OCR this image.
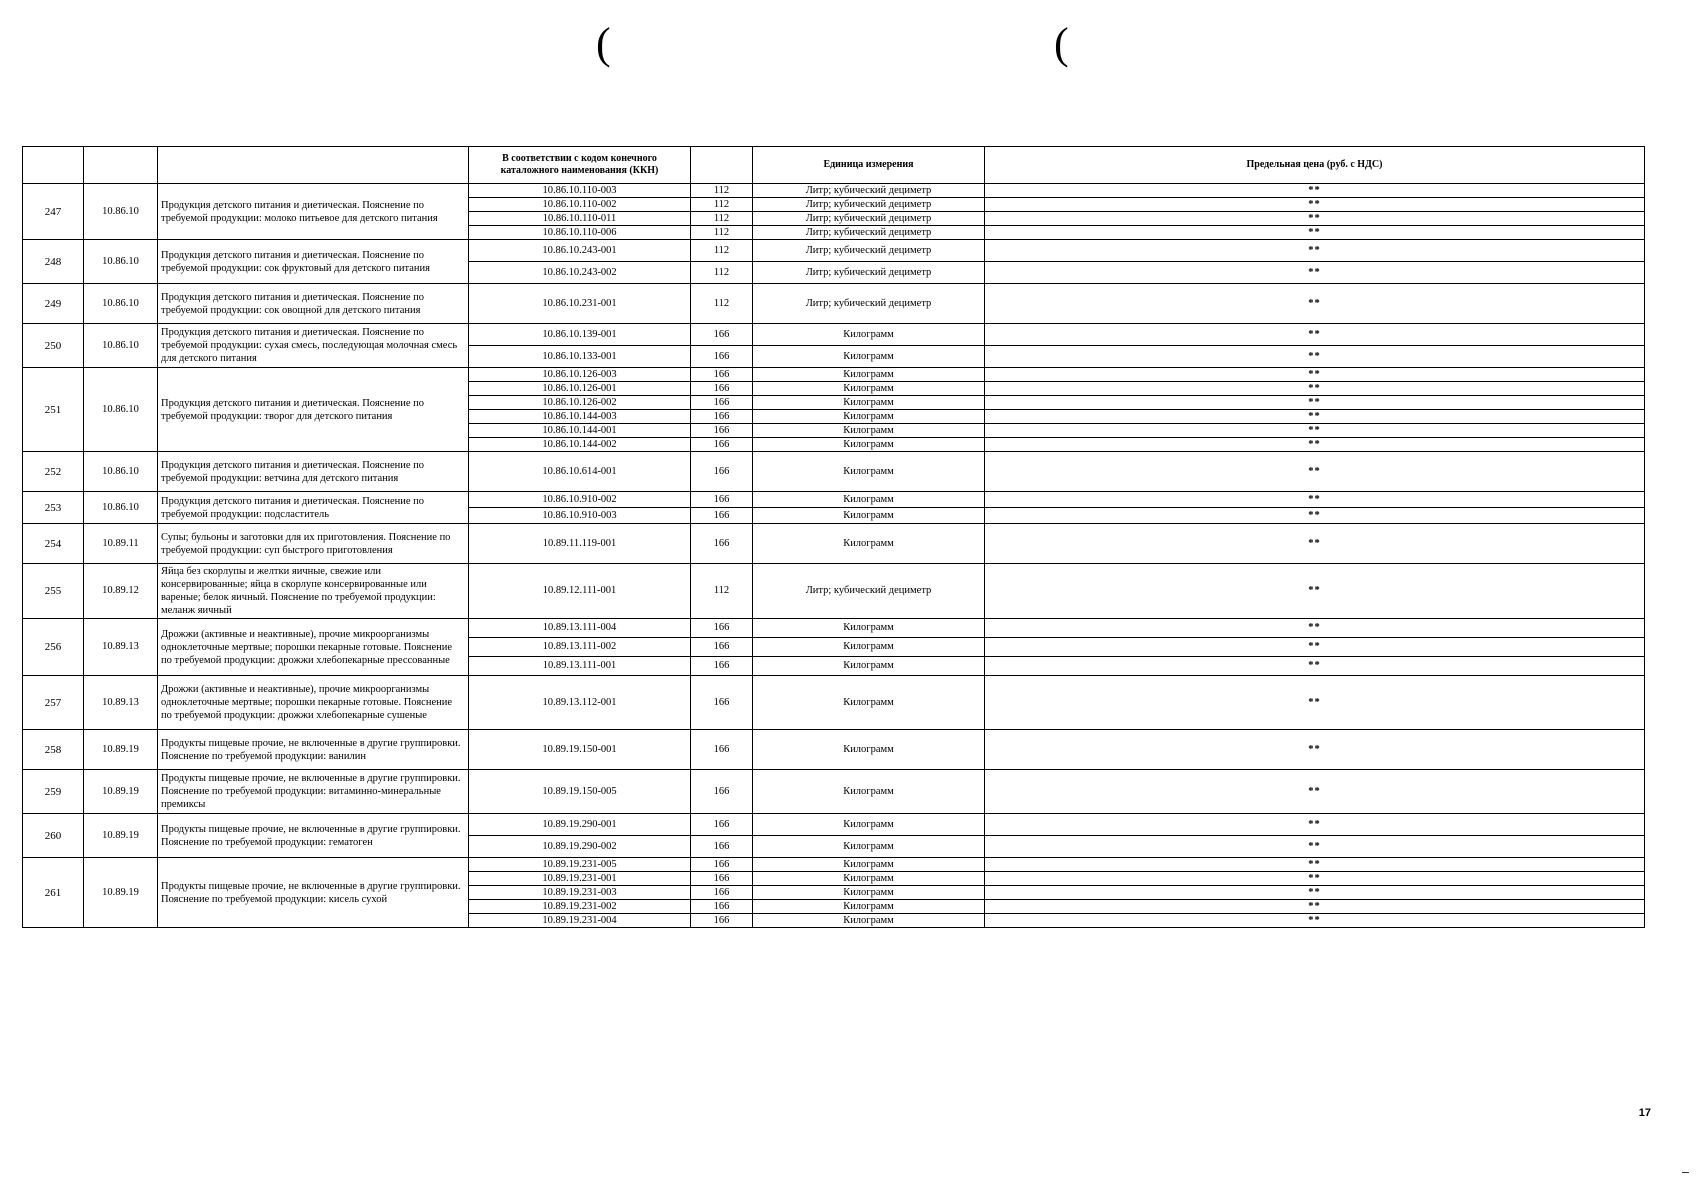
(	(
			В соответствии с кодом конечного каталожного наименования (ККН)		Единица измерения	Предельная цена (руб. с НДС)
247	10.86.10	Продукция детского питания и диетическая. Пояснение по требуемой продукции: молоко питьевое для детского питания	10.86.10.110-003	112	Литр; кубический дециметр	**
			10.86.10.110-002	112	Литр; кубический дециметр	**
			10.86.10.110-011	112	Литр; кубический дециметр	**
			10.86.10.110-006	112	Литр; кубический дециметр	**
248	10.86.10	Продукция детского питания и диетическая. Пояснение по требуемой продукции: сок фруктовый для детского питания	10.86.10.243-001	112	Литр; кубический дециметр	**
			10.86.10.243-002	112	Литр; кубический дециметр	**
249	10.86.10	Продукция детского питания и диетическая. Пояснение по требуемой продукции: сок овощной для детского питания	10.86.10.231-001	112	Литр; кубический дециметр	**
250	10.86.10	Продукция детского питания и диетическая. Пояснение по требуемой продукции: сухая смесь, последующая молочная смесь для детского питания	10.86.10.139-001	166	Килограмм	**
			10.86.10.133-001	166	Килограмм	**
251	10.86.10	Продукция детского питания и диетическая. Пояснение по требуемой продукции: творог для детского питания	10.86.10.126-003	166	Килограмм	**
			10.86.10.126-001	166	Килограмм	**
			10.86.10.126-002	166	Килограмм	**
			10.86.10.144-003	166	Килограмм	**
			10.86.10.144-001	166	Килограмм	**
			10.86.10.144-002	166	Килограмм	**
252	10.86.10	Продукция детского питания и диетическая. Пояснение по требуемой продукции: ветчина для детского питания	10.86.10.614-001	166	Килограмм	**
253	10.86.10	Продукция детского питания и диетическая. Пояснение по требуемой продукции: подсластитель	10.86.10.910-002	166	Килограмм	**
			10.86.10.910-003	166	Килограмм	**
254	10.89.11	Супы; бульоны и заготовки для их приготовления. Пояснение по требуемой продукции: суп быстрого приготовления	10.89.11.119-001	166	Килограмм	**
255	10.89.12	Яйца без скорлупы и желтки яичные, свежие или консервированные; яйца в скорлупе консервированные или вареные; белок яичный. Пояснение по требуемой продукции: меланж яичный	10.89.12.111-001	112	Литр; кубический дециметр	**
256	10.89.13	Дрожжи (активные и неактивные), прочие микроорганизмы одноклеточные мертвые; порошки пекарные готовые. Пояснение по требуемой продукции: дрожжи хлебопекарные прессованные	10.89.13.111-004	166	Килограмм	**
			10.89.13.111-002	166	Килограмм	**
			10.89.13.111-001	166	Килограмм	**
257	10.89.13	Дрожжи (активные и неактивные), прочие микроорганизмы одноклеточные мертвые; порошки пекарные готовые. Пояснение по требуемой продукции: дрожжи хлебопекарные сушеные	10.89.13.112-001	166	Килограмм	**
258	10.89.19	Продукты пищевые прочие, не включенные в другие группировки. Пояснение по требуемой продукции: ванилин	10.89.19.150-001	166	Килограмм	**
259	10.89.19	Продукты пищевые прочие, не включенные в другие группировки. Пояснение по требуемой продукции: витаминно-минеральные премиксы	10.89.19.150-005	166	Килограмм	**
260	10.89.19	Продукты пищевые прочие, не включенные в другие группировки. Пояснение по требуемой продукции: гематоген	10.89.19.290-001	166	Килограмм	**
			10.89.19.290-002	166	Килограмм	**
261	10.89.19	Продукты пищевые прочие, не включенные в другие группировки. Пояснение по требуемой продукции: кисель сухой	10.89.19.231-005	166	Килограмм	**
			10.89.19.231-001	166	Килограмм	**
			10.89.19.231-003	166	Килограмм	**
			10.89.19.231-002	166	Килограмм	**
			10.89.19.231-004	166	Килограмм	**
17
